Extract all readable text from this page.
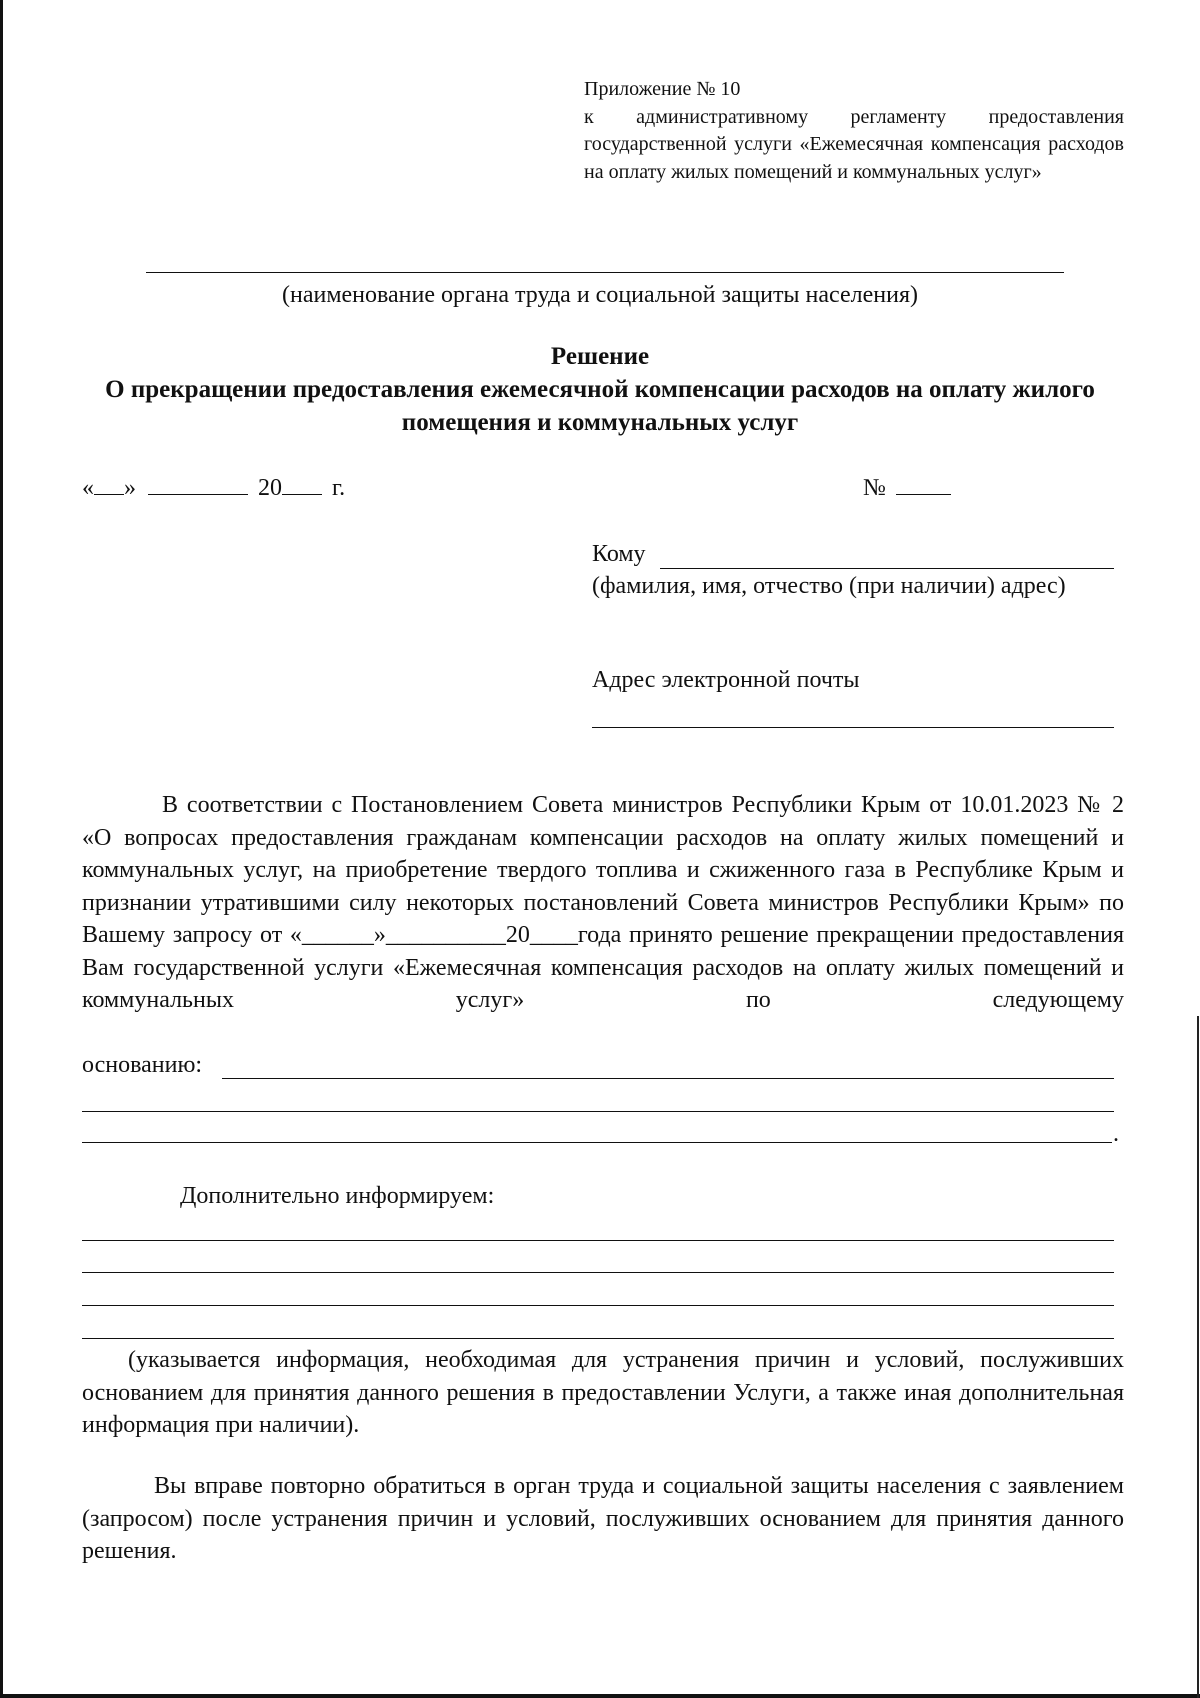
Приложение № 10
к административному регламенту предоставления государственной услуги «Ежемесячная компенсация расходов на оплату жилых помещений и коммунальных услуг»
(наименование органа труда и социальной защиты населения)
Решение
О прекращении предоставления ежемесячной компенсации расходов на оплату жилого помещения и коммунальных услуг
« »	20 г.	№
Кому
(фамилия, имя, отчество (при наличии) адрес)
Адрес электронной почты

В соответствии с Постановлением Совета министров Республики Крым от 10.01.2023 № 2 «О вопросах предоставления гражданам компенсации расходов на оплату жилых помещений и коммунальных услуг, на приобретение твердого топлива и сжиженного газа в Республике Крым и признании утратившими силу некоторых постановлений Совета министров Республики Крым» по Вашему запросу от «______»__________20____года принято решение прекращении предоставления Вам государственной услуги «Ежемесячная компенсация расходов на оплату жилых помещений и коммунальных услуг» по следующему

основанию:
.
Дополнительно информируем:

(указывается информация, необходимая для устранения причин и условий, послуживших основанием для принятия данного решения в предоставлении Услуги, а также иная дополнительная информация при наличии).

Вы вправе повторно обратиться в орган труда и социальной защиты населения с заявлением (запросом) после устранения причин и условий, послуживших основанием для принятия данного решения.
